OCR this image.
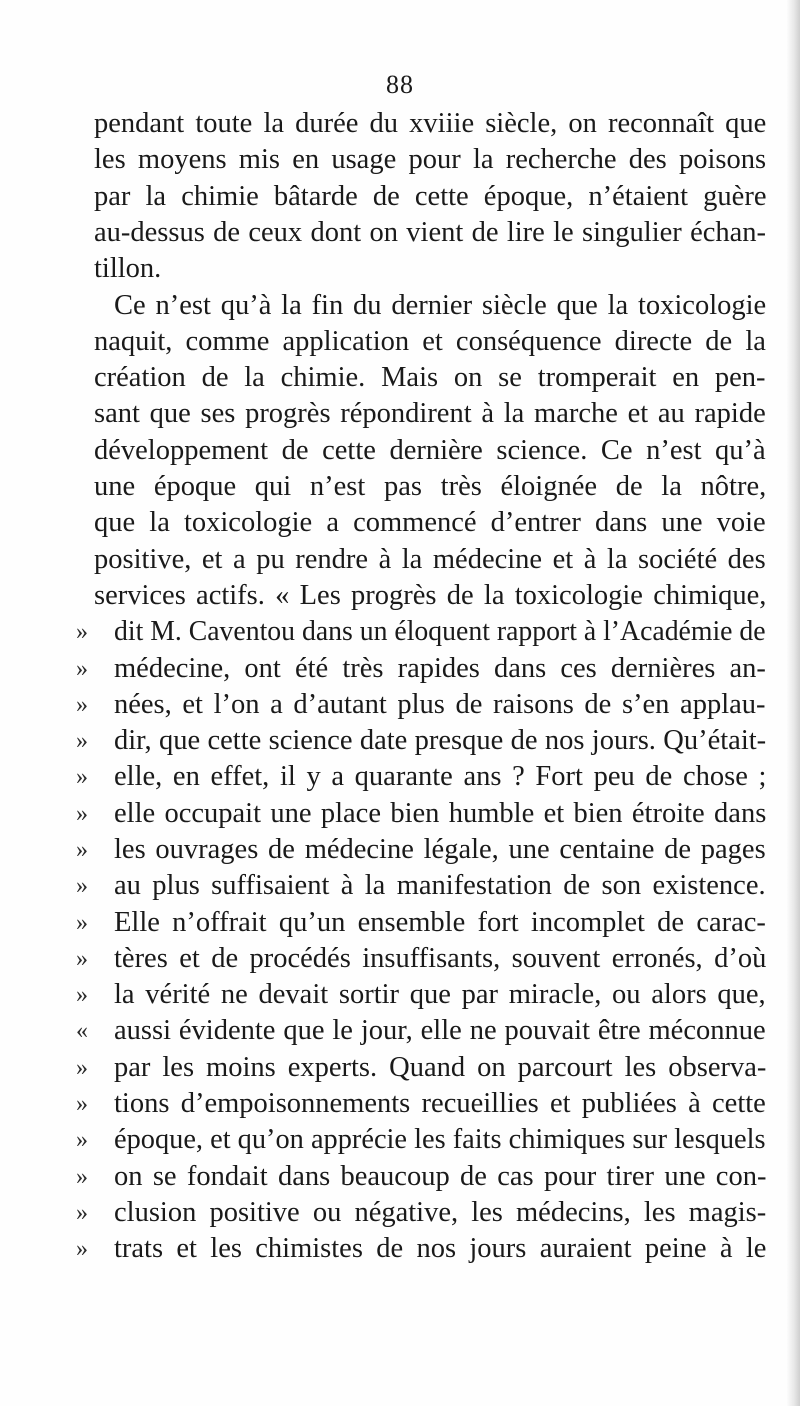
88
pendant toute la durée du xviiie siècle, on reconnaît que
les moyens mis en usage pour la recherche des poisons
par la chimie bâtarde de cette époque, n’étaient guère
au-dessus de ceux dont on vient de lire le singulier échan-
tillon.
Ce n’est qu’à la fin du dernier siècle que la toxicologie
naquit, comme application et conséquence directe de la
création de la chimie. Mais on se tromperait en pen-
sant que ses progrès répondirent à la marche et au rapide
développement de cette dernière science. Ce n’est qu’à
une époque qui n’est pas très éloignée de la nôtre,
que la toxicologie a commencé d’entrer dans une voie
positive, et a pu rendre à la médecine et à la société des
services actifs. « Les progrès de la toxicologie chimique,
» dit M. Caventou dans un éloquent rapport à l’Académie de
» médecine, ont été très rapides dans ces dernières an-
» nées, et l’on a d’autant plus de raisons de s’en applau-
» dir, que cette science date presque de nos jours. Qu’était-
» elle, en effet, il y a quarante ans ? Fort peu de chose ;
» elle occupait une place bien humble et bien étroite dans
» les ouvrages de médecine légale, une centaine de pages
» au plus suffisaient à la manifestation de son existence.
» Elle n’offrait qu’un ensemble fort incomplet de carac-
» tères et de procédés insuffisants, souvent erronés, d’où
» la vérité ne devait sortir que par miracle, ou alors que,
« aussi évidente que le jour, elle ne pouvait être méconnue
» par les moins experts. Quand on parcourt les observa-
» tions d’empoisonnements recueillies et publiées à cette
» époque, et qu’on apprécie les faits chimiques sur lesquels
» on se fondait dans beaucoup de cas pour tirer une con-
» clusion positive ou négative, les médecins, les magis-
» trats et les chimistes de nos jours auraient peine à le
